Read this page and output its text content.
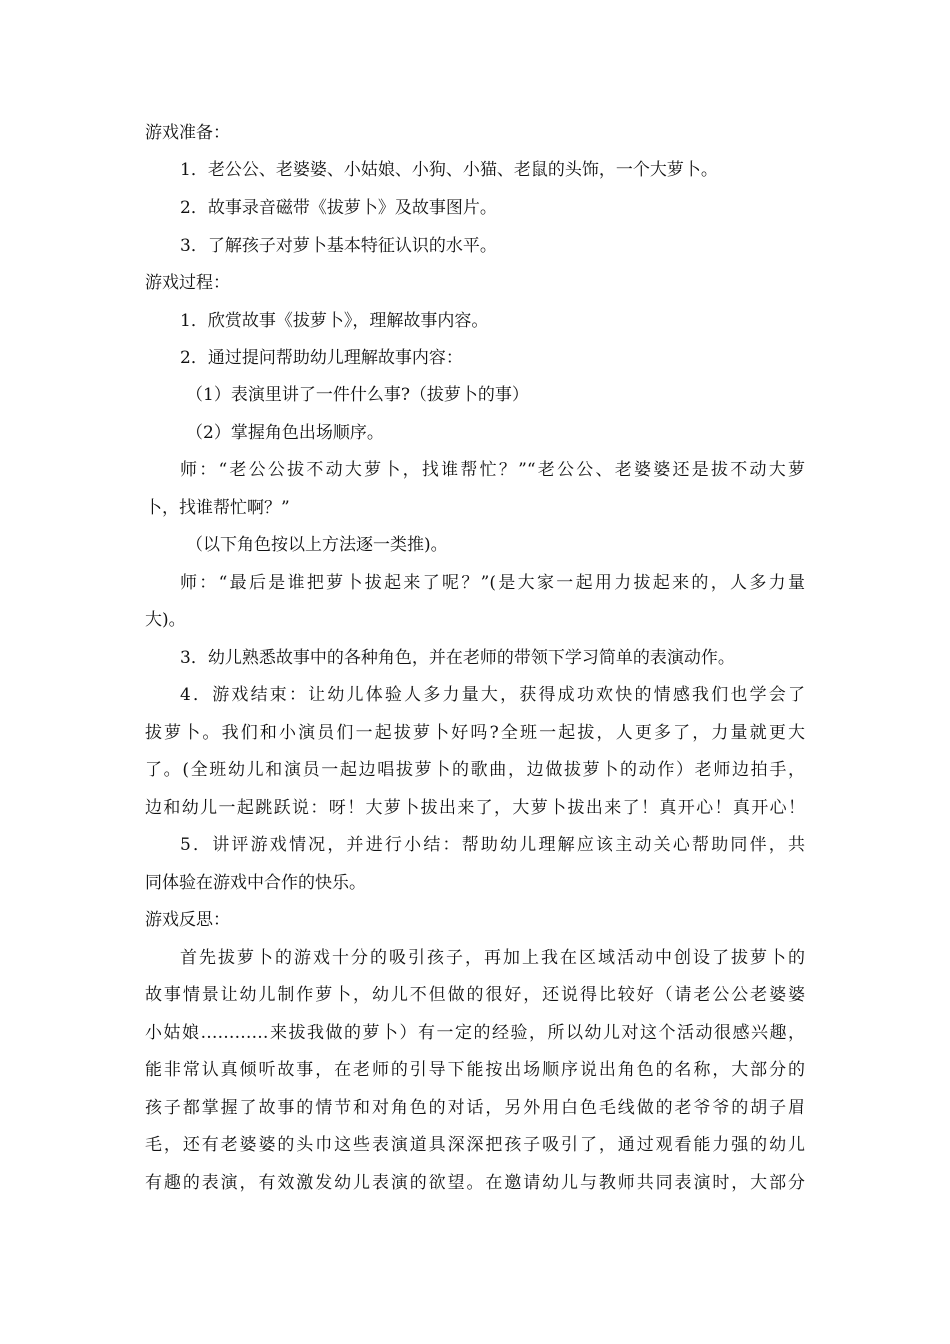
游戏准备：
1．老公公、老婆婆、小姑娘、小狗、小猫、老鼠的头饰，一个大萝卜。
2．故事录音磁带《拔萝卜》及故事图片。
3．了解孩子对萝卜基本特征认识的水平。
游戏过程：
1．欣赏故事《拔萝卜》，理解故事内容。
2．通过提问帮助幼儿理解故事内容：
（1）表演里讲了一件什么事?（拔萝卜的事）
（2）掌握角色出场顺序。
师：“老公公拔不动大萝卜，找谁帮忙？”“老公公、老婆婆还是拔不动大萝
卜，找谁帮忙啊？”
（以下角色按以上方法逐一类推)。
师：“最后是谁把萝卜拔起来了呢？”(是大家一起用力拔起来的，人多力量
大)。
3．幼儿熟悉故事中的各种角色，并在老师的带领下学习简单的表演动作。
4．游戏结束：让幼儿体验人多力量大，获得成功欢快的情感我们也学会了
拔萝卜。我们和小演员们一起拔萝卜好吗?全班一起拔，人更多了，力量就更大
了。(全班幼儿和演员一起边唱拔萝卜的歌曲，边做拔萝卜的动作）老师边拍手，
边和幼儿一起跳跃说：呀！大萝卜拔出来了，大萝卜拔出来了！真开心！真开心！
5．讲评游戏情况，并进行小结：帮助幼儿理解应该主动关心帮助同伴，共
同体验在游戏中合作的快乐。
游戏反思：
首先拔萝卜的游戏十分的吸引孩子，再加上我在区域活动中创设了拔萝卜的
故事情景让幼儿制作萝卜，幼儿不但做的很好，还说得比较好（请老公公老婆婆
小姑娘…………来拔我做的萝卜）有一定的经验，所以幼儿对这个活动很感兴趣，
能非常认真倾听故事，在老师的引导下能按出场顺序说出角色的名称，大部分的
孩子都掌握了故事的情节和对角色的对话，另外用白色毛线做的老爷爷的胡子眉
毛，还有老婆婆的头巾这些表演道具深深把孩子吸引了，通过观看能力强的幼儿
有趣的表演，有效激发幼儿表演的欲望。在邀请幼儿与教师共同表演时，大部分
